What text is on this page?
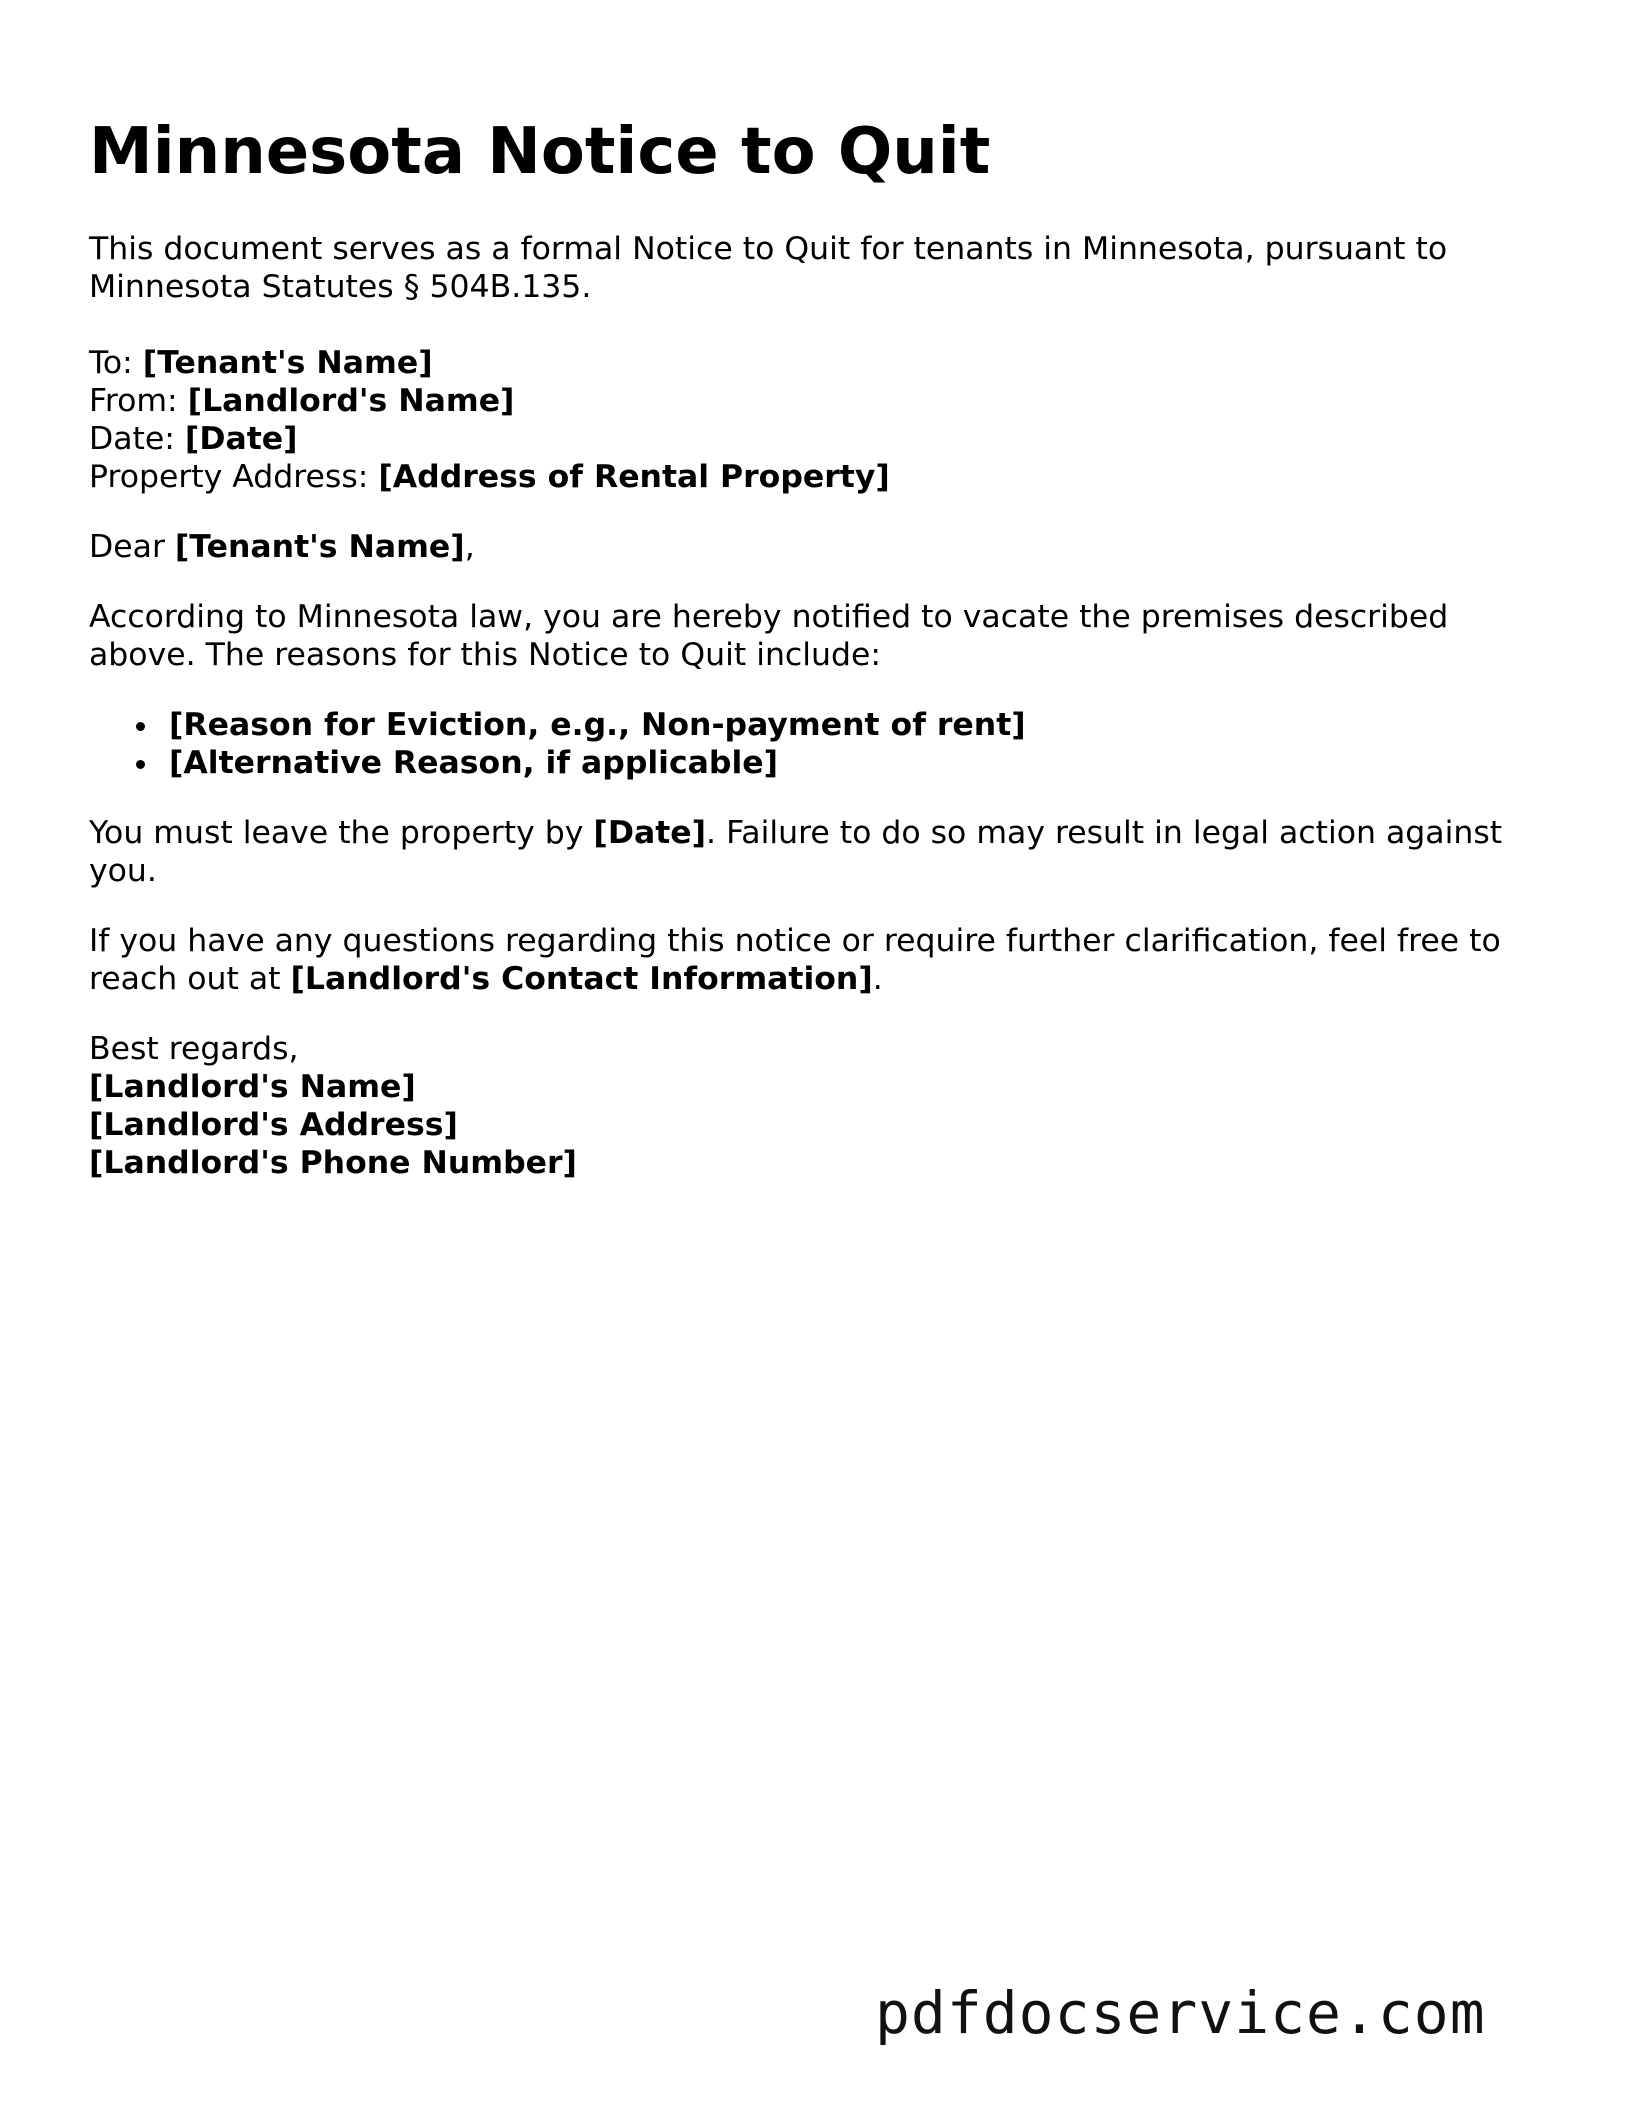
Minnesota Notice to Quit

This document serves as a formal Notice to Quit for tenants in Minnesota, pursuant to Minnesota Statutes § 504B.135.

To: [Tenant's Name]
From: [Landlord's Name]
Date: [Date]
Property Address: [Address of Rental Property]

Dear [Tenant's Name],

According to Minnesota law, you are hereby notified to vacate the premises described above. The reasons for this Notice to Quit include:

[Reason for Eviction, e.g., Non-payment of rent]
[Alternative Reason, if applicable]

You must leave the property by [Date]. Failure to do so may result in legal action against you.

If you have any questions regarding this notice or require further clarification, feel free to reach out at [Landlord's Contact Information].

Best regards,
[Landlord's Name]
[Landlord's Address]
[Landlord's Phone Number]

pdfdocservice.com
